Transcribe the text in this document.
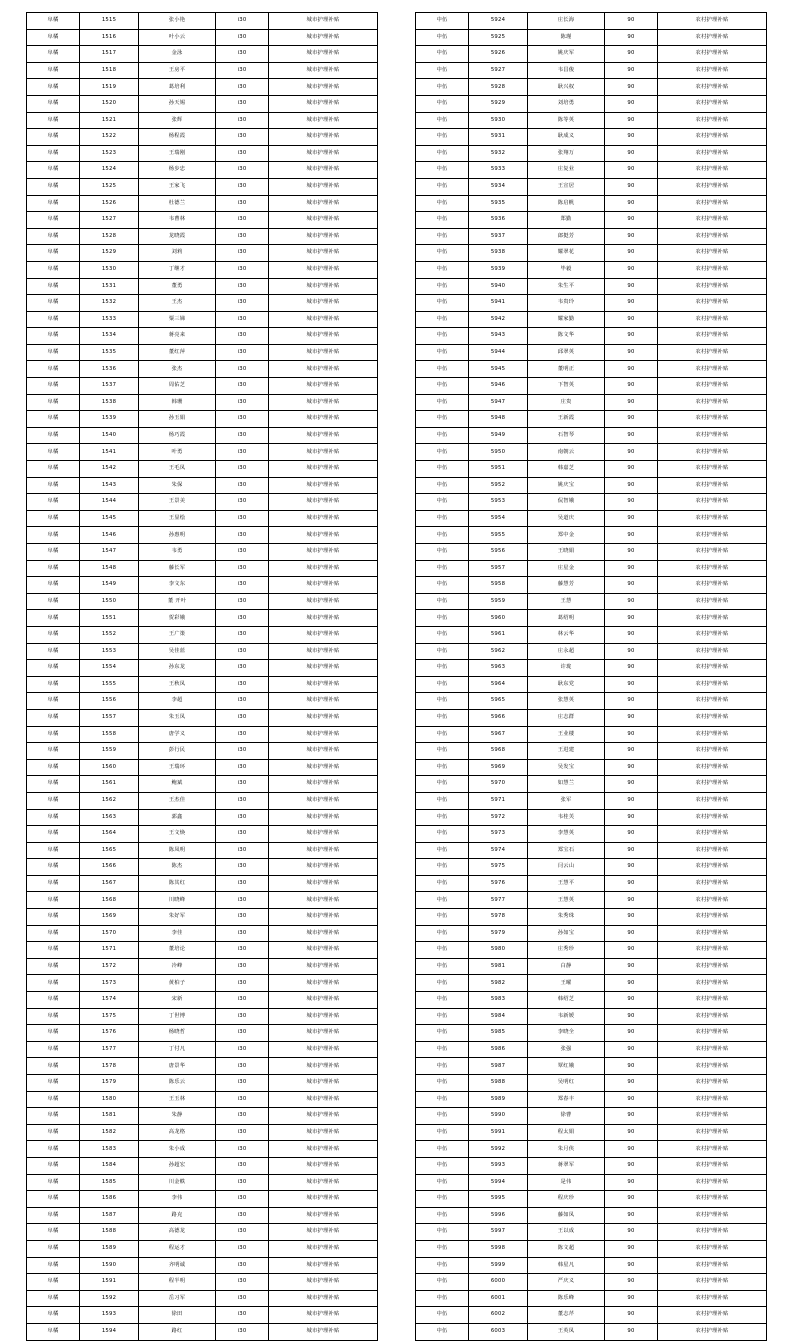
阜橘	1515	张小艳	i30	城市护理补贴
阜橘	1516	叶小云	i30	城市护理补贴
阜橘	1517	金泳	i30	城市护理补贴
阜橘	1518	王房平	i30	城市护理补贴
阜橘	1519	葛培利	i30	城市护理补贴
阜橘	1520	孙天锡	i30	城市护理补贴
阜橘	1521	张辉	i30	城市护理补贴
阜橘	1522	杨程霞	i30	城市护理补贴
阜橘	1523	王瑞刚	i30	城市护理补贴
阜橘	1524	杨步忠	i30	城市护理补贴
阜橘	1525	王家飞	i30	城市护理补贴
阜橘	1526	杜德兰	i30	城市护理补贴
阜橘	1527	韦曹林	i30	城市护理补贴
阜橘	1528	龙晓霞	i30	城市护理补贴
阜橘	1529	刘莉	i30	城市护理补贴
阜橘	1530	丁继才	i30	城市护理补贴
阜橘	1531	董勇	i30	城市护理补贴
阜橘	1532	王杰	i30	城市护理补贴
阜橘	1533	粟三娣	i30	城市护理补贴
阜橘	1534	蒋亮来	i30	城市护理补贴
阜橘	1535	董红萍	i30	城市护理补贴
阜橘	1536	张杰	i30	城市护理补贴
阜橘	1537	周佑芝	i30	城市护理补贴
阜橘	1538	韩珊	i30	城市护理补贴
阜橘	1539	孙玉娟	i30	城市护理补贴
阜橘	1540	杨巧霞	i30	城市护理补贴
阜橘	1541	叶勇	i30	城市护理补贴
阜橘	1542	王毛凤	i30	城市护理补贴
阜橘	1543	朱保	i30	城市护理补贴
阜橘	1544	王景美	i30	城市护理补贴
阜橘	1545	王显绘	i30	城市护理补贴
阜橘	1546	孙惠明	i30	城市护理补贴
阜橘	1547	韦勇	i30	城市护理补贴
阜橘	1548	藤长军	i30	城市护理补贴
阜橘	1549	李文东	i30	城市护理补贴
阜橘	1550	董 开叶	i30	城市护理补贴
阜橘	1551	贺彩娥	i30	城市护理补贴
阜橘	1552	王广策	i30	城市护理补贴
阜橘	1553	吴佳蓝	i30	城市护理补贴
阜橘	1554	孙东龙	i30	城市护理补贴
阜橘	1555	王秋凤	i30	城市护理补贴
阜橘	1556	李超	i30	城市护理补贴
阜橘	1557	朱玉凤	i30	城市护理补贴
阜橘	1558	唐学义	i30	城市护理补贴
阜橘	1559	彭行民	i30	城市护理补贴
阜橘	1560	王瑞环	i30	城市护理补贴
阜橘	1561	鲍斌	i30	城市护理补贴
阜橘	1562	王杰佳	i30	城市护理补贴
阜橘	1563	郭鑫	i30	城市护理补贴
阜橘	1564	王文焕	i30	城市护理补贴
阜橘	1565	陈凤明	i30	城市护理补贴
阜橘	1566	陈杰	i30	城市护理补贴
阜橘	1567	陈其红	i30	城市护理补贴
阜橘	1568	川晓峰	i30	城市护理补贴
阜橘	1569	朱好军	i30	城市护理补贴
阜橘	1570	李佳	i30	城市护理补贴
阜橘	1571	董培论	i30	城市护理补贴
阜橘	1572	冷峰	i30	城市护理补贴
阜橘	1573	黄柏子	i30	城市护理补贴
阜橘	1574	宋新	i30	城市护理补贴
阜橘	1575	丁世博	i30	城市护理补贴
阜橘	1576	杨晓哲	i30	城市护理补贴
阜橘	1577	丁付凡	i30	城市护理补贴
阜橘	1578	唐景华	i30	城市护理补贴
阜橘	1579	陈乐云	i30	城市护理补贴
阜橘	1580	王玉林	i30	城市护理补贴
阜橘	1581	朱静	i30	城市护理补贴
阜橘	1582	高龙格	i30	城市护理补贴
阜橘	1583	朱小成	i30	城市护理补贴
阜橘	1584	孙超宏	i30	城市护理补贴
阜橘	1585	川金帙	i30	城市护理补贴
阜橘	1586	李伟	i30	城市护理补贴
阜橘	1587	路克	i30	城市护理补贴
阜橘	1588	高德龙	i30	城市护理补贴
阜橘	1589	程运才	i30	城市护理补贴
阜橘	1590	齐明诚	i30	城市护理补贴
阜橘	1591	程半明	i30	城市护理补贴
阜橘	1592	岳习军	i30	城市护理补贴
阜橘	1593	徐田	i30	城市护理补贴
阜橘	1594	路红	i30	城市护理补贴
中伍	5924	庄长海	90	农村护理补贴
中伍	5925	陈瑾	90	农村护理补贴
中伍	5926	姚庆军	90	农村护理补贴
中伍	5927	韦昌俊	90	农村护理补贴
中伍	5928	耿兴权	90	农村护理补贴
中伍	5929	刘培勇	90	农村护理补贴
中伍	5930	陈等英	90	农村护理补贴
中伍	5931	耿成义	90	农村护理补贴
中伍	5932	张翔万	90	农村护理补贴
中伍	5933	庄复业	90	农村护理补贴
中伍	5934	王宣居	90	农村护理补贴
中伍	5935	陈启帆	90	农村护理补贴
中伍	5936	郑勤	90	农村护理补贴
中伍	5937	郎挺芳	90	农村护理补贴
中伍	5938	耀翠花	90	农村护理补贴
中伍	5939	毕毅	90	农村护理补贴
中伍	5940	朱生平	90	农村护理补贴
中伍	5941	韦贵玲	90	农村护理补贴
中伍	5942	耀家勤	90	农村护理补贴
中伍	5943	陈文华	90	农村护理补贴
中伍	5944	邱翠英	90	农村护理补贴
中伍	5945	董明正	90	农村护理补贴
中伍	5946	下智英	90	农村护理补贴
中伍	5947	庄贵	90	农村护理补贴
中伍	5948	王新霞	90	农村护理补贴
中伍	5949	石智琴	90	农村护理补贴
中伍	5950	南朝云	90	农村护理补贴
中伍	5951	韩嘉芝	90	农村护理补贴
中伍	5952	姚庆宝	90	农村护理补贴
中伍	5953	侃智娥	90	农村护理补贴
中伍	5954	吴道庆	90	农村护理补贴
中伍	5955	郑中金	90	农村护理补贴
中伍	5956	王晓娟	90	农村护理补贴
中伍	5957	庄星金	90	农村护理补贴
中伍	5958	藤慧芳	90	农村护理补贴
中伍	5959	王慧	90	农村护理补贴
中伍	5960	葛绍明	90	农村护理补贴
中伍	5961	林云华	90	农村护理补贴
中伍	5962	庄永超	90	农村护理补贴
中伍	5963	许珑	90	农村护理补贴
中伍	5964	耿东党	90	农村护理补贴
中伍	5965	张慧英	90	农村护理补贴
中伍	5966	庄志群	90	农村护理补贴
中伍	5967	王业楼	90	农村护理补贴
中伍	5968	王进建	90	农村护理补贴
中伍	5969	吴发宝	90	农村护理补贴
中伍	5970	如慧兰	90	农村护理补贴
中伍	5971	张军	90	农村护理补贴
中伍	5972	韦桂芙	90	农村护理补贴
中伍	5973	李慧英	90	农村护理补贴
中伍	5974	郑宝石	90	农村护理补贴
中伍	5975	闫云山	90	农村护理补贴
中伍	5976	王慧平	90	农村护理补贴
中伍	5977	王慧英	90	农村护理补贴
中伍	5978	朱秀珠	90	农村护理补贴
中伍	5979	孙如宝	90	农村护理补贴
中伍	5980	庄秀珍	90	农村护理补贴
中伍	5981	白静	90	农村护理补贴
中伍	5982	王曜	90	农村护理补贴
中伍	5983	韩绍芝	90	农村护理补贴
中伍	5984	韦新媛	90	农村护理补贴
中伍	5985	李晓全	90	农村护理补贴
中伍	5986	张强	90	农村护理补贴
中伍	5987	覃红娥	90	农村护理补贴
中伍	5988	吴明红	90	农村护理补贴
中伍	5989	郑春丰	90	农村护理补贴
中伍	5990	徐曹	90	农村护理补贴
中伍	5991	程太娟	90	农村护理补贴
中伍	5992	朱月侠	90	农村护理补贴
中伍	5993	蒋翠军	90	农村护理补贴
中伍	5994	是伟	90	农村护理补贴
中伍	5995	程庆珍	90	农村护理补贴
中伍	5996	藤如凤	90	农村护理补贴
中伍	5997	王以成	90	农村护理补贴
中伍	5998	陈文超	90	农村护理补贴
中伍	5999	韩星凡	90	农村护理补贴
中伍	6000	严庆义	90	农村护理补贴
中伍	6001	陈乐峰	90	农村护理补贴
中伍	6002	董志芹	90	农村护理补贴
中伍	6003	王英凤	90	农村护理补贴
